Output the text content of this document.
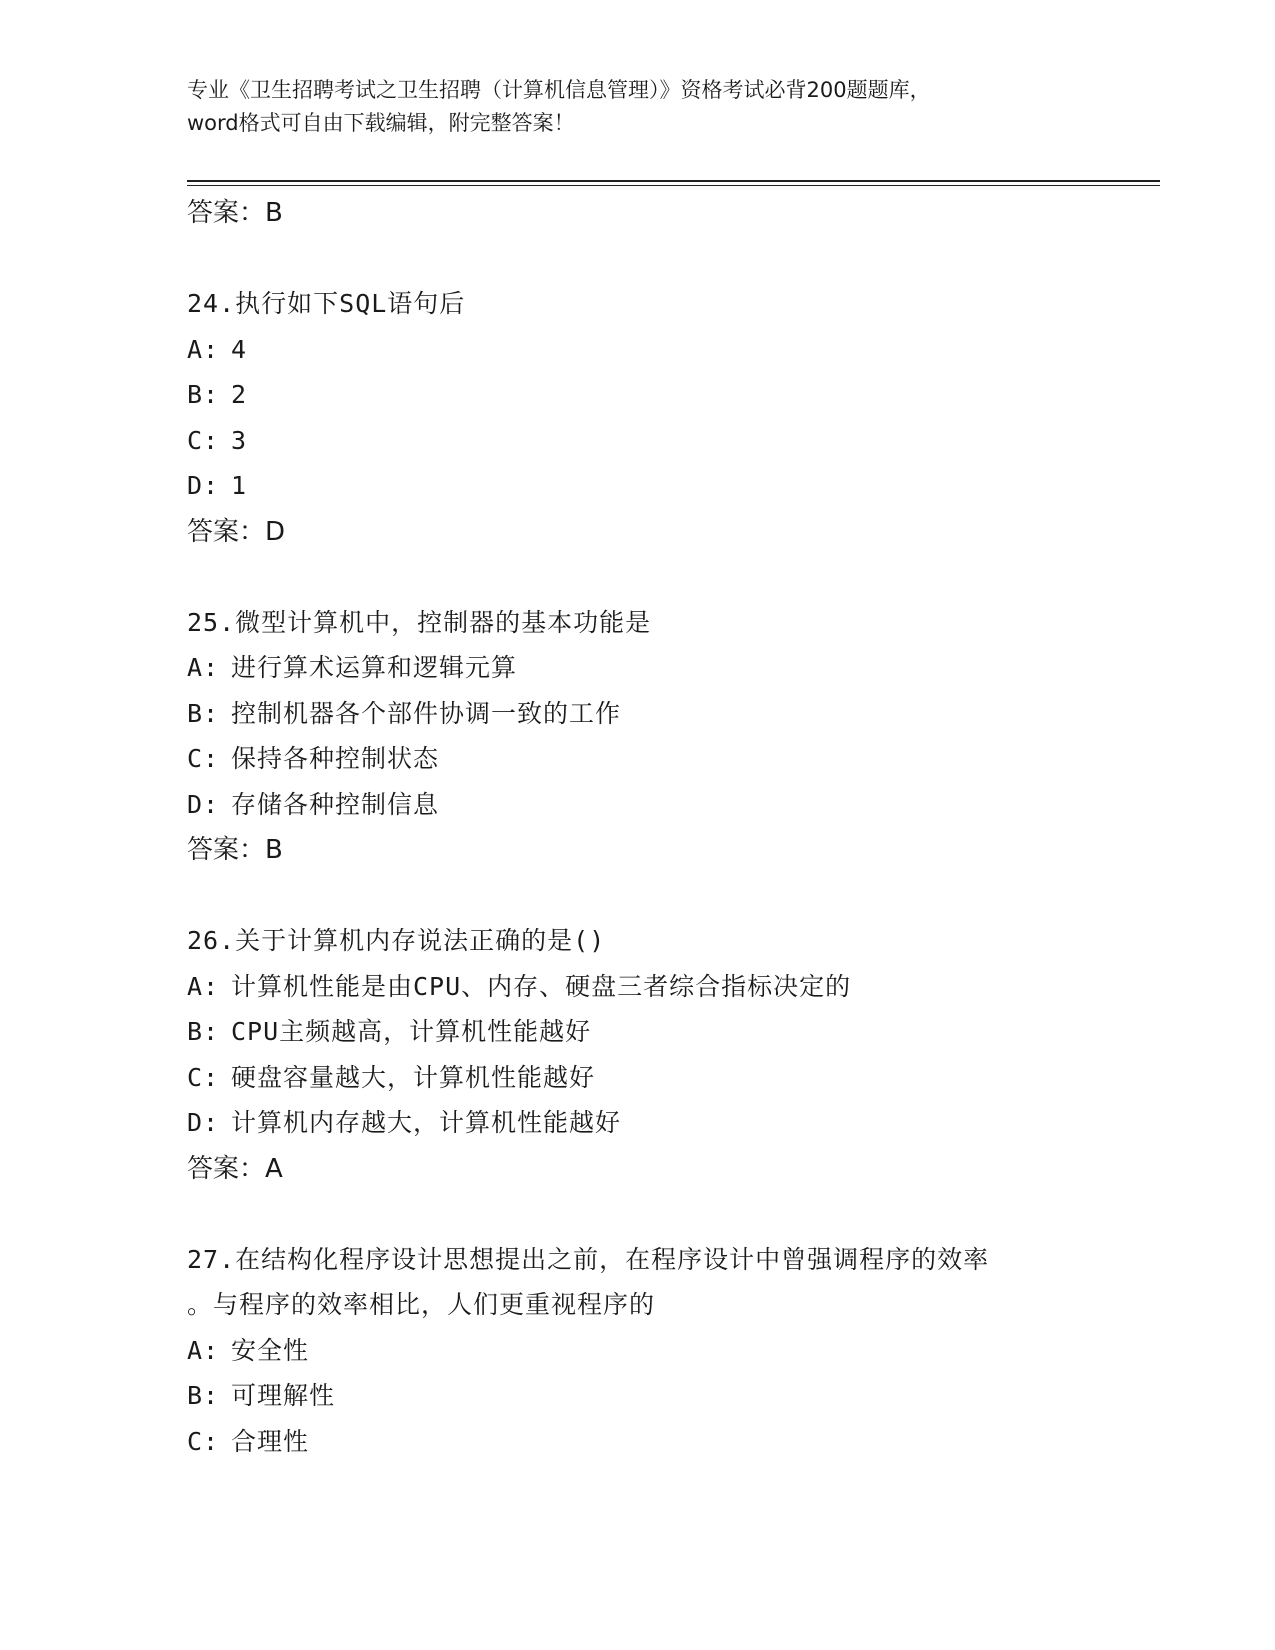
专业《卫生招聘考试之卫生招聘（计算机信息管理）》资格考试必背200题题库，
word格式可自由下载编辑，附完整答案！
答案：B
24.执行如下SQL语句后
A: 4
B: 2
C: 3
D: 1
答案：D
25.微型计算机中，控制器的基本功能是
A: 进行算术运算和逻辑元算
B: 控制机器各个部件协调一致的工作
C: 保持各种控制状态
D: 存储各种控制信息
答案：B
26.关于计算机内存说法正确的是()
A: 计算机性能是由CPU、内存、硬盘三者综合指标决定的
B: CPU主频越高，计算机性能越好
C: 硬盘容量越大，计算机性能越好
D: 计算机内存越大，计算机性能越好
答案：A
27.在结构化程序设计思想提出之前，在程序设计中曾强调程序的效率
。与程序的效率相比，人们更重视程序的
A: 安全性
B: 可理解性
C: 合理性
